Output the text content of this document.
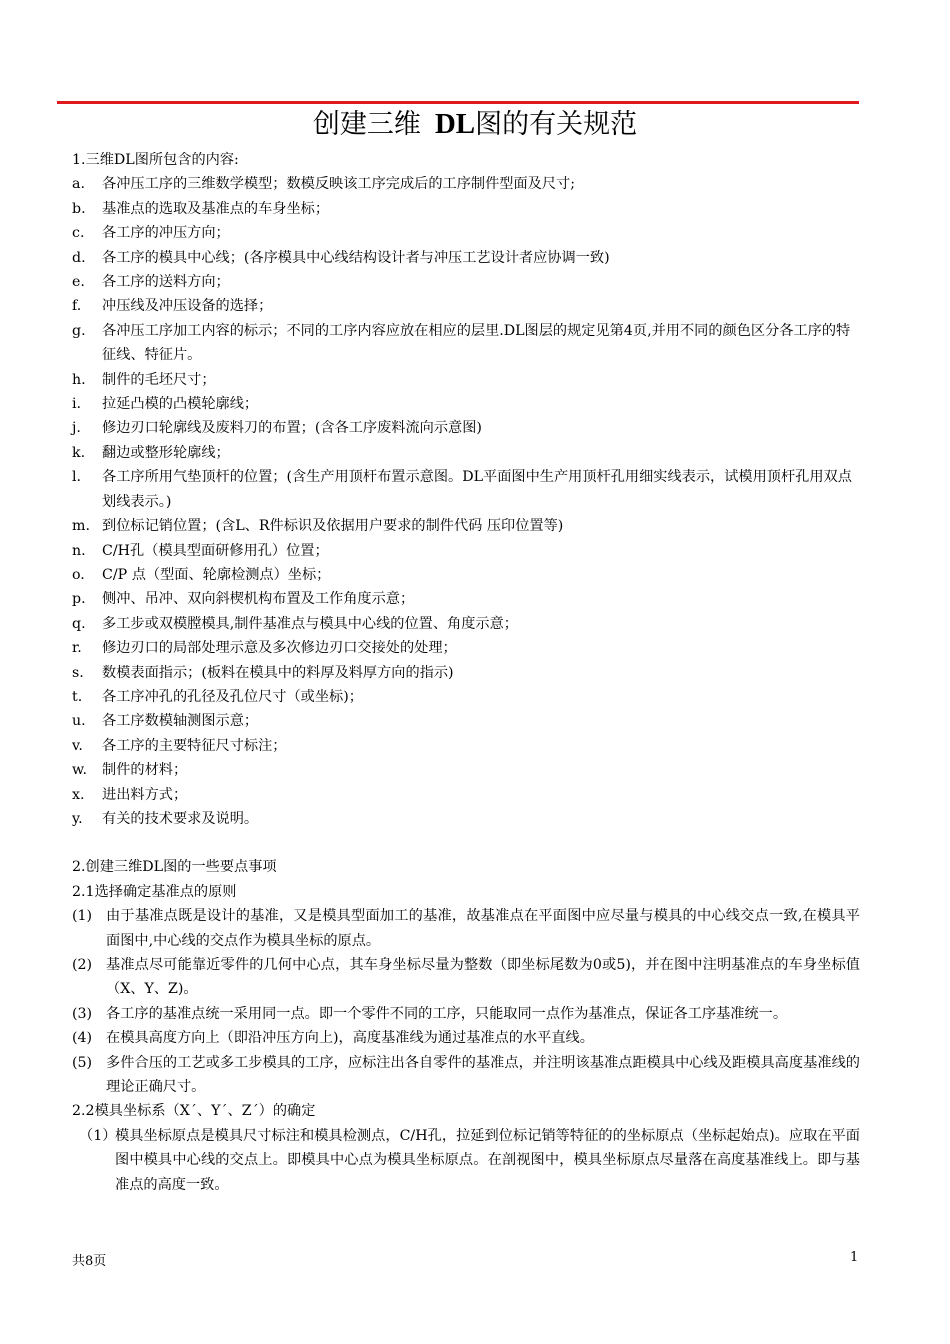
创建三维 DL图的有关规范
1.三维DL图所包含的内容:
a. 各冲压工序的三维数学模型；数模反映该工序完成后的工序制件型面及尺寸;
b. 基准点的选取及基准点的车身坐标；
c. 各工序的冲压方向；
d. 各工序的模具中心线；(各序模具中心线结构设计者与冲压工艺设计者应协调一致)
e. 各工序的送料方向；
f. 冲压线及冲压设备的选择；
g. 各冲压工序加工内容的标示；不同的工序内容应放在相应的层里.DL图层的规定见第4页,并用不同的颜色区分各工序的特征线、特征片。
h. 制件的毛坯尺寸；
i. 拉延凸模的凸模轮廓线；
j. 修边刃口轮廓线及废料刀的布置；(含各工序废料流向示意图)
k. 翻边或整形轮廓线；
l. 各工序所用气垫顶杆的位置；(含生产用顶杆布置示意图。DL平面图中生产用顶杆孔用细实线表示，试模用顶杆孔用双点划线表示。)
m. 到位标记销位置；(含L、R件标识及依据用户要求的制件代码 压印位置等)
n. C/H孔（模具型面研修用孔）位置；
o. C/P 点（型面、轮廓检测点）坐标；
p. 侧冲、吊冲、双向斜楔机构布置及工作角度示意；
q. 多工步或双模膛模具,制件基准点与模具中心线的位置、角度示意；
r. 修边刃口的局部处理示意及多次修边刃口交接处的处理；
s. 数模表面指示；(板料在模具中的料厚及料厚方向的指示)
t. 各工序冲孔的孔径及孔位尺寸（或坐标)；
u. 各工序数模轴测图示意；
v. 各工序的主要特征尺寸标注；
w. 制件的材料；
x. 进出料方式；
y. 有关的技术要求及说明。
2.创建三维DL图的一些要点事项
2.1选择确定基准点的原则
(1) 由于基准点既是设计的基准，又是模具型面加工的基准，故基准点在平面图中应尽量与模具的中心线交点一致,在模具平面图中,中心线的交点作为模具坐标的原点。
(2) 基准点尽可能靠近零件的几何中心点，其车身坐标尽量为整数（即坐标尾数为0或5)，并在图中注明基准点的车身坐标值（X、Y、Z)。
(3) 各工序的基准点统一采用同一点。即一个零件不同的工序，只能取同一点作为基准点，保证各工序基准统一。
(4) 在模具高度方向上（即沿冲压方向上)，高度基准线为通过基准点的水平直线。
(5) 多件合压的工艺或多工步模具的工序，应标注出各自零件的基准点，并注明该基准点距模具中心线及距模具高度基准线的理论正确尺寸。
2.2模具坐标系（X´、Y´、Z´）的确定
（1）
模具坐标原点是模具尺寸标注和模具检测点，C/H孔，拉延到位标记销等特征的的坐标原点（坐标起始点)。应取在平面图中模具中心线的交点上。即模具中心点为模具坐标原点。在剖视图中，模具坐标原点尽量落在高度基准线上。即与基准点的高度一致。
共8页	1
